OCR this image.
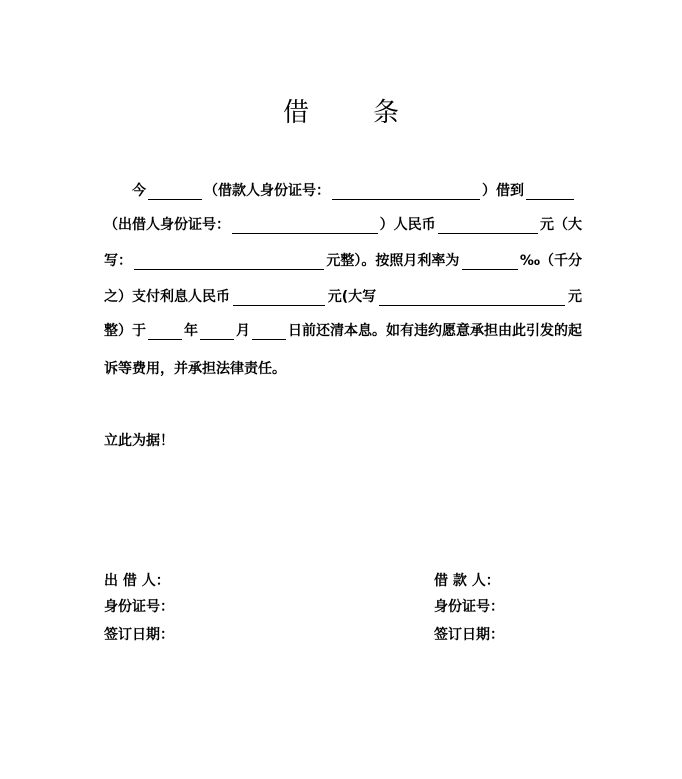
借 条
今	（借款人身份证号：	）借到
（出借人身份证号：	）人民币	元（大
写：	元整）。按照月利率为	‰（千分
之）支付利息人民币	元(大写	元
整）于	年	月	日前还清本息。如有违约愿意承担由此引发的起
诉等费用，并承担法律责任。
立此为据！
出 借 人：
身份证号：
签订日期：
借 款 人：
身份证号：
签订日期：
